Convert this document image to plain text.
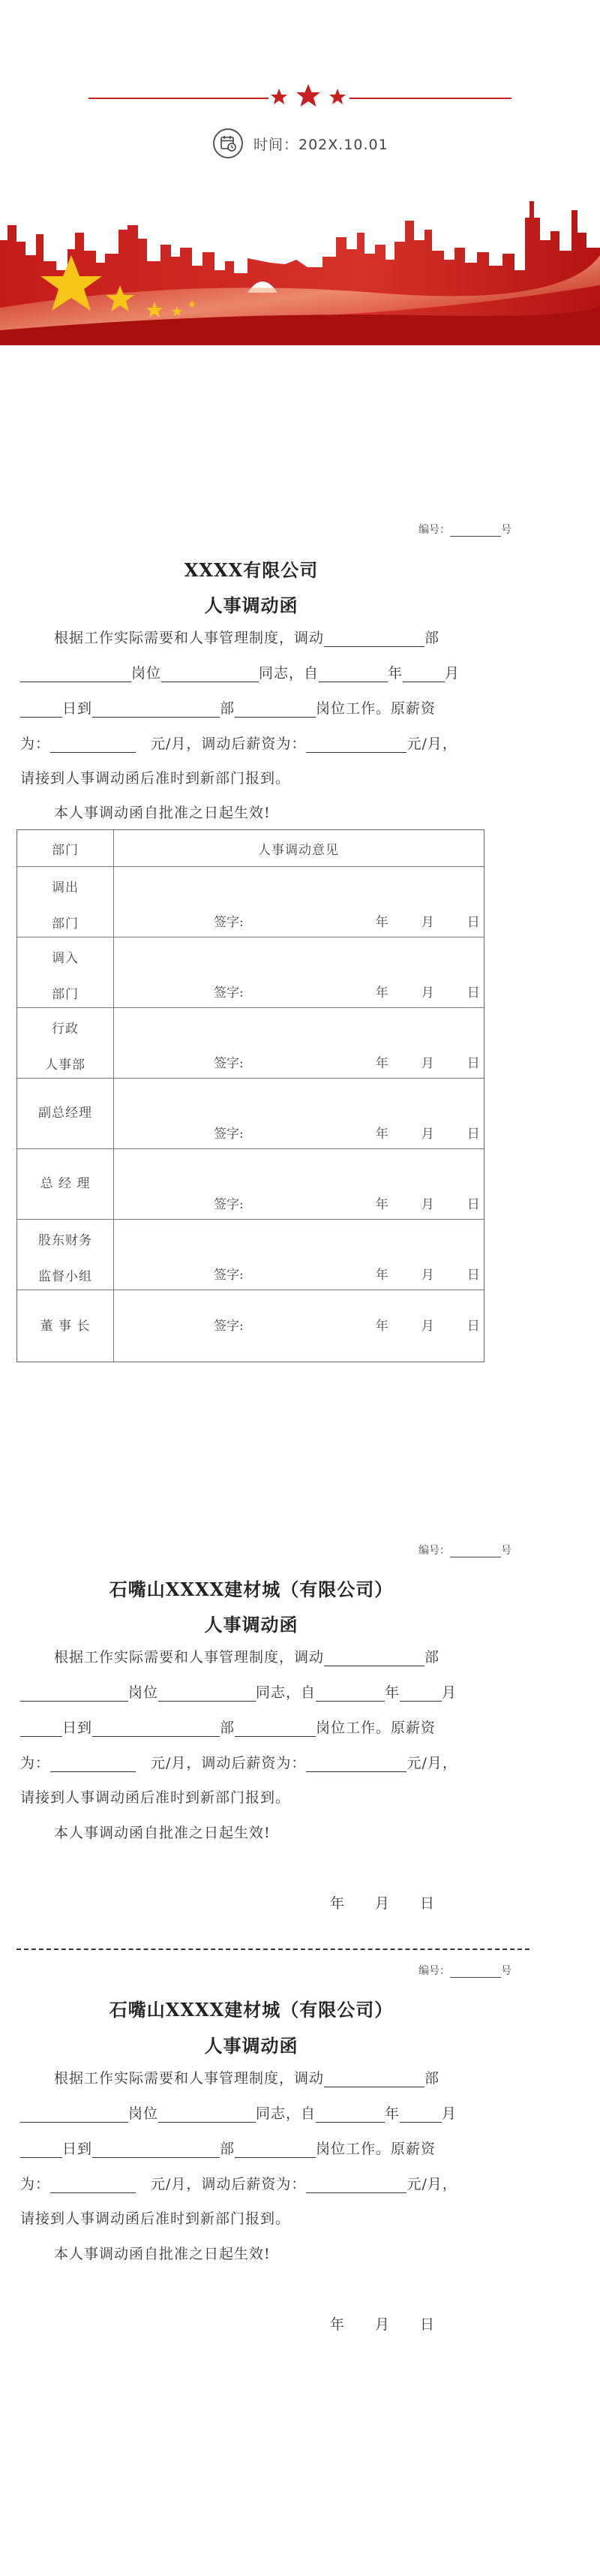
时间：202X.10.01
编号：	号
XXXX有限公司
人事调动函
根据工作实际需要和人事管理制度，调动	部
岗位	同志，自	年	月
日到	部	岗位工作。原薪资
为：　	元/月，调动后薪资为：	元/月，
请接到人事调动函后准时到新部门报到。
本人事调动函自批准之日起生效!
部门	人事调动意见
调出
部门	签字:	年	月	日
调入
部门	签字:	年	月	日
行政
人事部	签字:	年	月	日
副总经理
签字:	年	月	日
总 经 理
签字:	年	月	日
股东财务
监督小组	签字:	年	月	日
董 事 长	签字:	年	月	日
编号：	号
石嘴山XXXX建材城（有限公司）
人事调动函
根据工作实际需要和人事管理制度，调动	部
岗位	同志，自	年	月
日到	部	岗位工作。原薪资
为：　	元/月，调动后薪资为：	元/月，
请接到人事调动函后准时到新部门报到。
本人事调动函自批准之日起生效!
年　　月　　日
编号：	号
石嘴山XXXX建材城（有限公司）
人事调动函
根据工作实际需要和人事管理制度，调动	部
岗位	同志，自	年	月
日到	部	岗位工作。原薪资
为：　	元/月，调动后薪资为：	元/月，
请接到人事调动函后准时到新部门报到。
本人事调动函自批准之日起生效!
年　　月　　日
